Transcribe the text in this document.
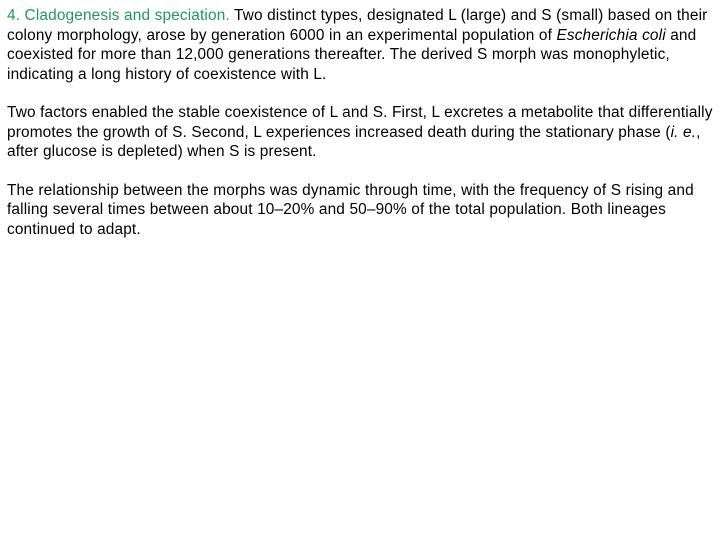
4. Cladogenesis and speciation. Two distinct types, designated L (large) and S (small) based on their colony morphology, arose by generation 6000 in an experimental population of Escherichia coli and coexisted for more than 12,000 generations thereafter. The derived S morph was monophyletic, indicating a long history of coexistence with L.

Two factors enabled the stable coexistence of L and S. First, L excretes a metabolite that differentially promotes the growth of S. Second, L experiences increased death during the stationary phase (i. e., after glucose is depleted) when S is present.

The relationship between the morphs was dynamic through time, with the frequency of S rising and falling several times between about 10–20% and 50–90% of the total population. Both lineages continued to adapt.
